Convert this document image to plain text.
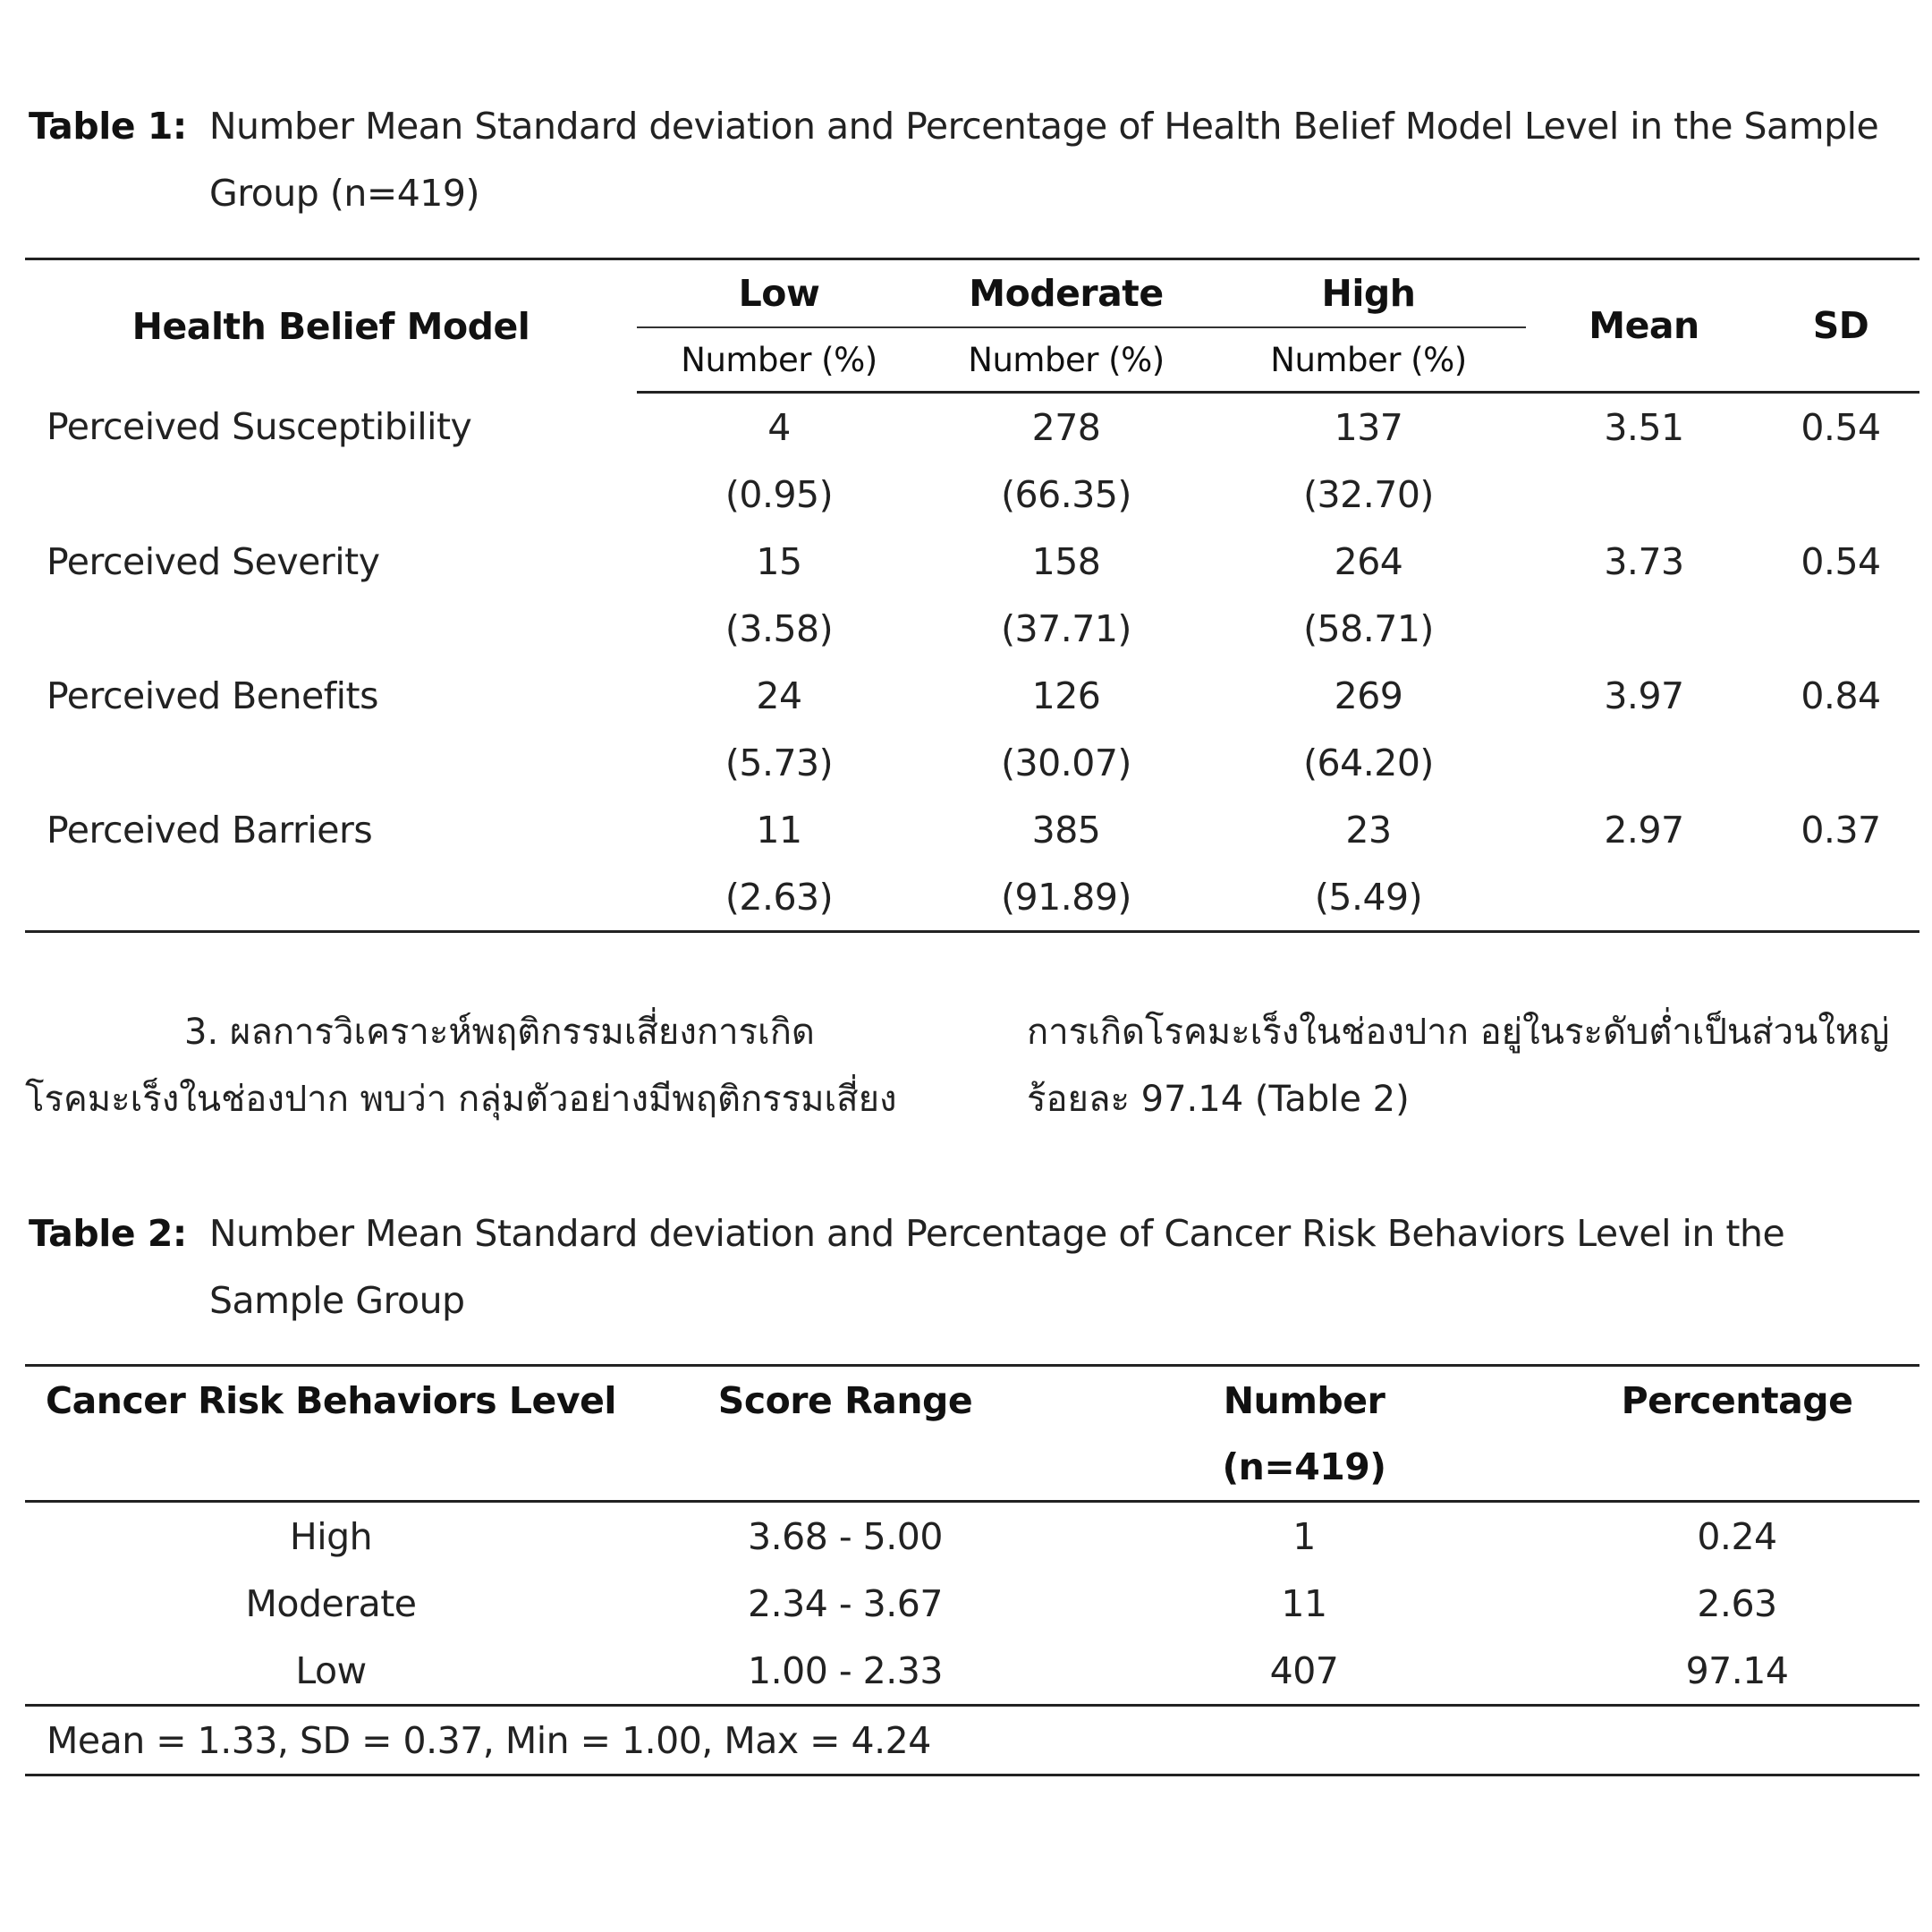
Table 1: Number Mean Standard deviation and Percentage of Health Belief Model Level in the Sample
Group (n=419)
Health Belief Model	Low	Moderate	High	Mean	SD
	Number (%)	Number (%)	Number (%)		
Perceived Susceptibility	4	278	137	3.51	0.54
	(0.95)	(66.35)	(32.70)		
Perceived Severity	15	158	264	3.73	0.54
	(3.58)	(37.71)	(58.71)		
Perceived Benefits	24	126	269	3.97	0.84
	(5.73)	(30.07)	(64.20)		
Perceived Barriers	11	385	23	2.97	0.37
	(2.63)	(91.89)	(5.49)		
3. ผลการวิเคราะห์พฤติกรรมเสี่ยงการเกิด
โรคมะเร็งในช่องปาก พบว่า กลุ่มตัวอย่างมีพฤติกรรมเสี่ยง
การเกิดโรคมะเร็งในช่องปาก อยู่ในระดับต่ำเป็นส่วนใหญ่
ร้อยละ 97.14 (Table 2)
Table 2: Number Mean Standard deviation and Percentage of Cancer Risk Behaviors Level in the
Sample Group
Cancer Risk Behaviors Level	Score Range	Number	Percentage
		(n=419)	
High	3.68 - 5.00	1	0.24
Moderate	2.34 - 3.67	11	2.63
Low	1.00 - 2.33	407	97.14
Mean = 1.33, SD = 0.37, Min = 1.00, Max = 4.24			
